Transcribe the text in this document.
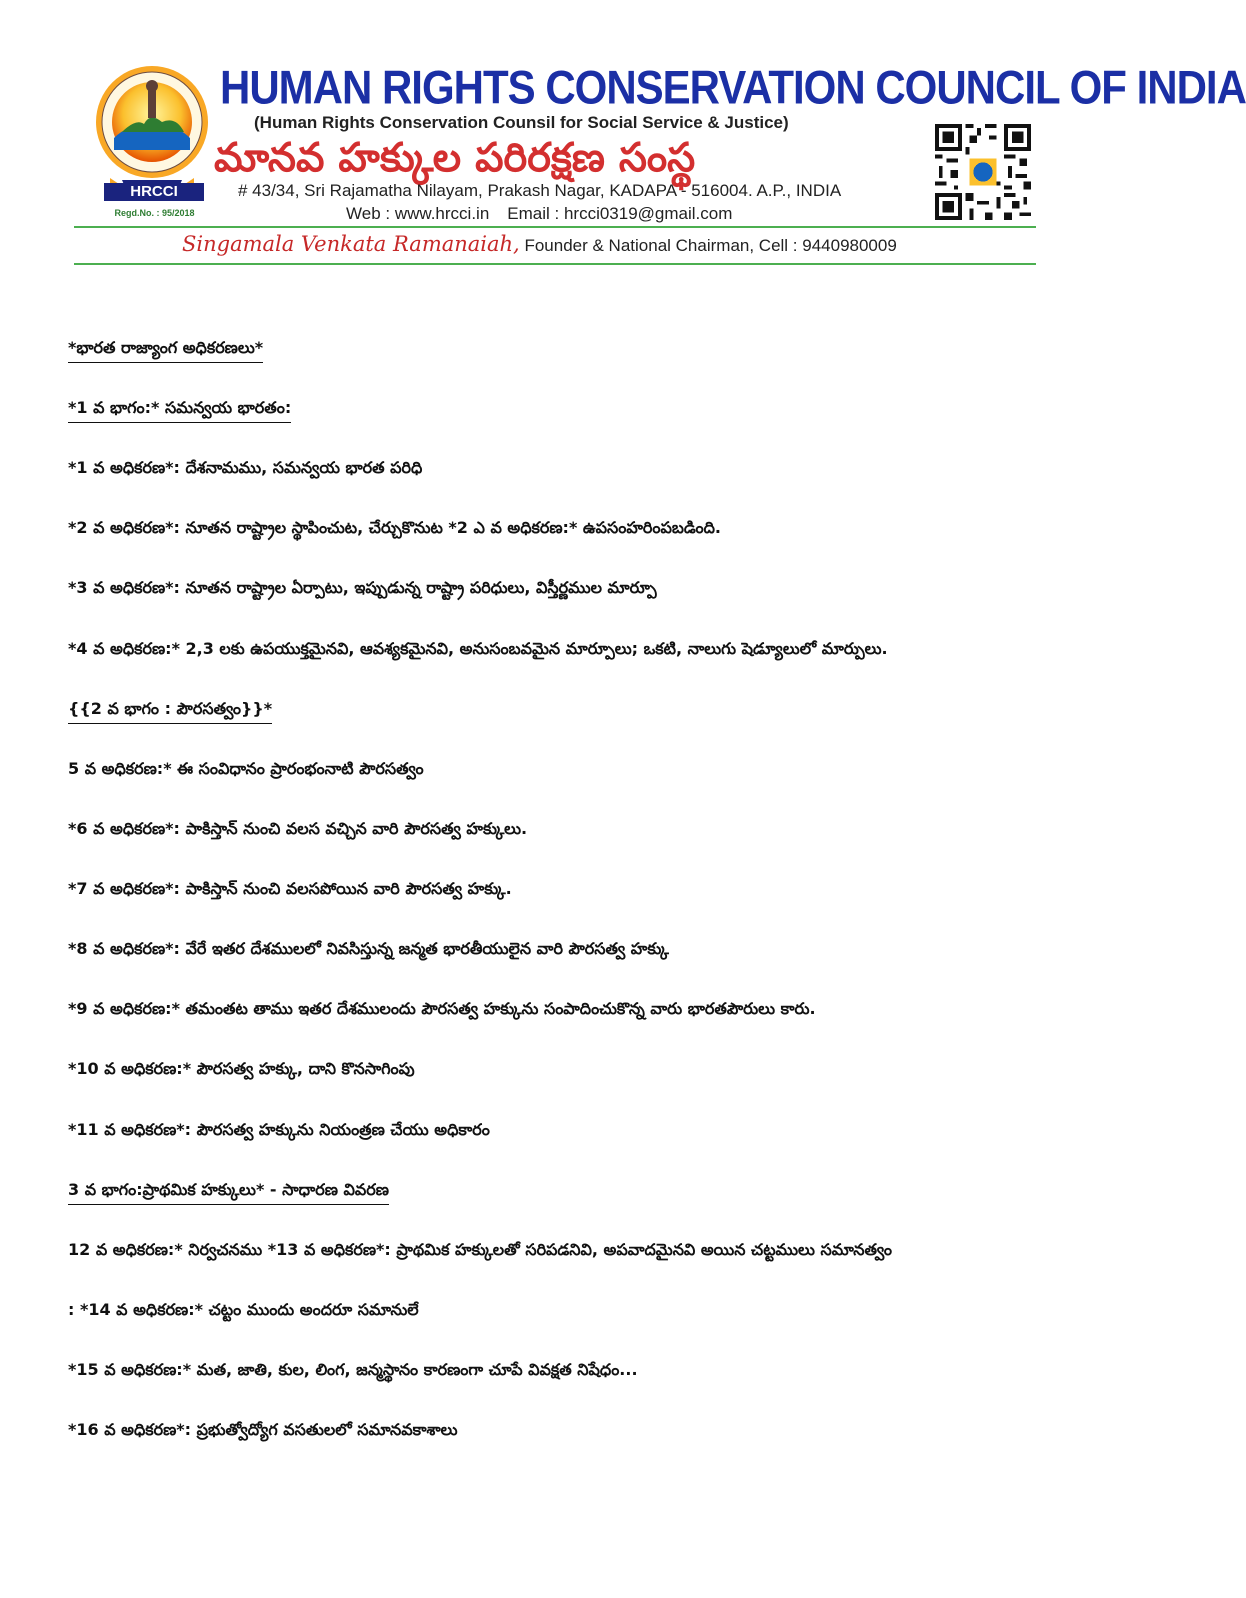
HRCCI
Regd.No. : 95/2018
HUMAN RIGHTS CONSERVATION COUNCIL OF INDIA
(Human Rights Conservation Counsil for Social Service & Justice)
మానవ హక్కుల పరిరక్షణ సంస్థ
# 43/34, Sri Rajamatha Nilayam, Prakash Nagar, KADAPA - 516004. A.P., INDIA
Web : www.hrcci.in Email : hrcci0319@gmail.com
Singamala Venkata Ramanaiah, Founder & National Chairman, Cell : 9440980009
*భారత రాజ్యాంగ అధికరణలు*
*1 వ భాగం:* సమన్వయ భారతం:
*1 వ అధికరణ*: దేశనామము, సమన్వయ భారత పరిధి
*2 వ అధికరణ*: నూతన రాష్ట్రాల స్థాపించుట, చేర్చుకొనుట *2 ఎ వ అధికరణ:* ఉపసంహరింపబడింది.
*3 వ అధికరణ*: నూతన రాష్ట్రాల ఏర్పాటు, ఇప్పుడున్న రాష్ట్రా పరిధులు, విస్తీర్ణముల మార్పూ
*4 వ అధికరణ:* 2,3 లకు ఉపయుక్తమైనవి, ఆవశ్యకమైనవి, అనుసంబవమైన మార్పూలు; ఒకటి, నాలుగు షెడ్యూలులో మార్పులు.
{{2 వ భాగం : పౌరసత్వం}}*
5 వ అధికరణ:* ఈ సంవిధానం ప్రారంభంనాటి పౌరసత్వం
*6 వ అధికరణ*: పాకిస్తాన్ నుంచి వలస వచ్చిన వారి పౌరసత్వ హక్కులు.
*7 వ అధికరణ*: పాకిస్తాన్ నుంచి వలసపోయిన వారి పౌరసత్వ హక్కు.
*8 వ అధికరణ*: వేరే ఇతర దేశములలో నివసిస్తున్న జన్మత భారతీయులైన వారి పౌరసత్వ హక్కు
*9 వ అధికరణ:* తమంతట తాము ఇతర దేశములందు పౌరసత్వ హక్కును సంపాదించుకొన్న వారు భారతపౌరులు కారు.
*10 వ అధికరణ:* పౌరసత్వ హక్కు, దాని కొనసాగింపు
*11 వ అధికరణ*: పౌరసత్వ హక్కును నియంత్రణ చేయు అధికారం
3 వ భాగం:ప్రాథమిక హక్కులు* - సాధారణ వివరణ
12 వ అధికరణ:* నిర్వచనము *13 వ అధికరణ*: ప్రాథమిక హక్కులతో సరిపడనివి, అపవాదమైనవి అయిన చట్టములు సమానత్వం
: *14 వ అధికరణ:* చట్టం ముందు అందరూ సమానులే
*15 వ అధికరణ:* మత, జాతి, కుల, లింగ, జన్మస్థానం కారణంగా చూపే వివక్షత నిషేధం...
*16 వ అధికరణ*: ప్రభుత్వోద్యోగ వసతులలో సమానవకాశాలు
